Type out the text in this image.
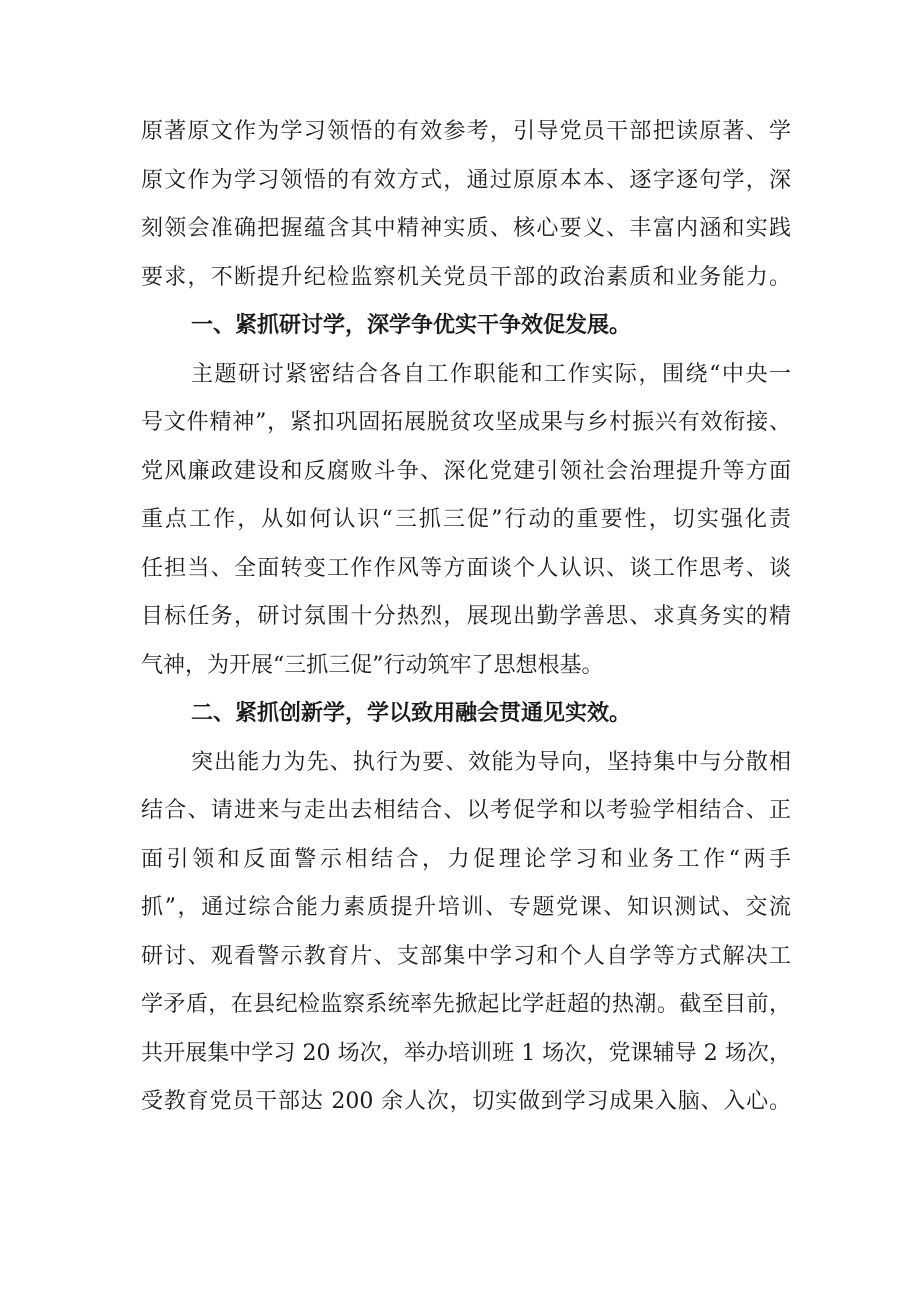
原著原文作为学习领悟的有效参考，引导党员干部把读原著、学
原文作为学习领悟的有效方式，通过原原本本、逐字逐句学，深
刻领会准确把握蕴含其中精神实质、核心要义、丰富内涵和实践
要求，不断提升纪检监察机关党员干部的政治素质和业务能力。
一、紧抓研讨学，深学争优实干争效促发展。
主题研讨紧密结合各自工作职能和工作实际，围绕“中央一
号文件精神”，紧扣巩固拓展脱贫攻坚成果与乡村振兴有效衔接、
党风廉政建设和反腐败斗争、深化党建引领社会治理提升等方面
重点工作，从如何认识“三抓三促”行动的重要性，切实强化责
任担当、全面转变工作作风等方面谈个人认识、谈工作思考、谈
目标任务，研讨氛围十分热烈，展现出勤学善思、求真务实的精
气神，为开展“三抓三促”行动筑牢了思想根基。
二、紧抓创新学，学以致用融会贯通见实效。
突出能力为先、执行为要、效能为导向，坚持集中与分散相
结合、请进来与走出去相结合、以考促学和以考验学相结合、正
面引领和反面警示相结合，力促理论学习和业务工作“两手
抓”，通过综合能力素质提升培训、专题党课、知识测试、交流
研讨、观看警示教育片、支部集中学习和个人自学等方式解决工
学矛盾，在县纪检监察系统率先掀起比学赶超的热潮。截至目前，
共开展集中学习 20 场次，举办培训班 1 场次，党课辅导 2 场次，
受教育党员干部达 200 余人次，切实做到学习成果入脑、入心。
